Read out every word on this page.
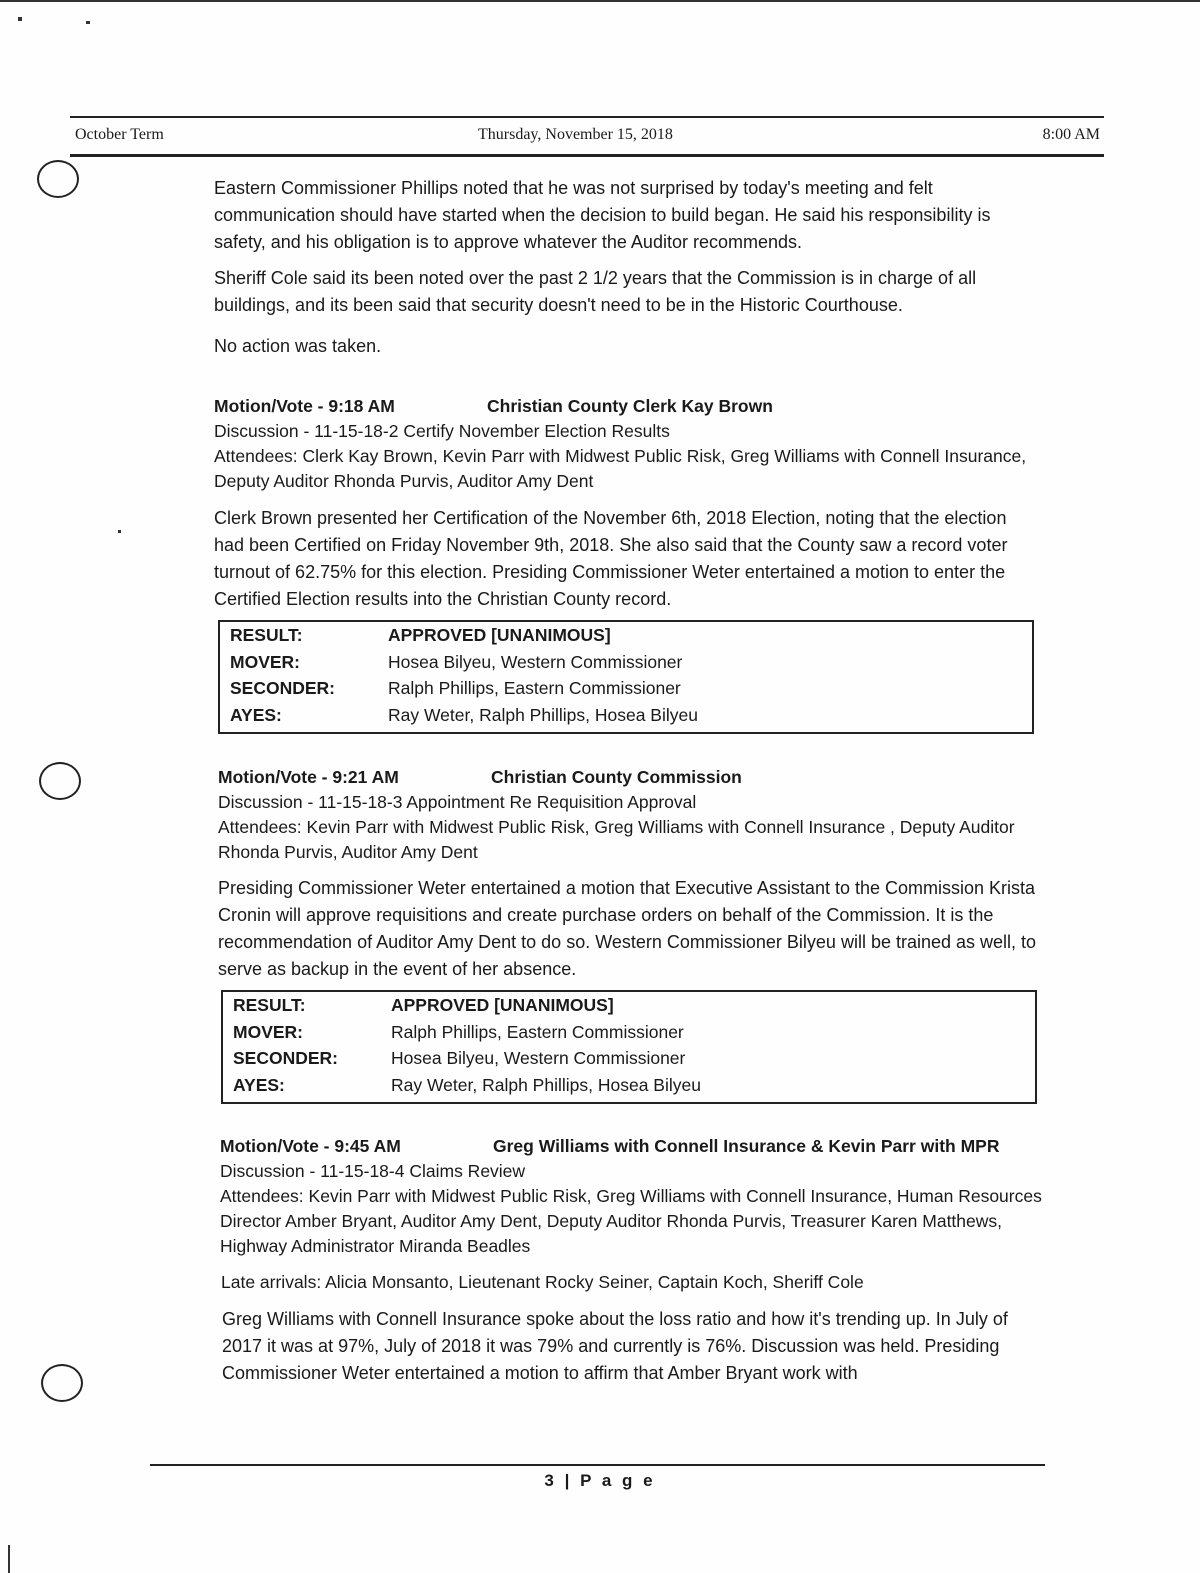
October Term	Thursday, November 15, 2018	8:00 AM

Eastern Commissioner Phillips noted that he was not surprised by today's meeting and felt communication should have started when the decision to build began. He said his responsibility is safety, and his obligation is to approve whatever the Auditor recommends.

Sheriff Cole said its been noted over the past 2 1/2 years that the Commission is in charge of all buildings, and its been said that security doesn't need to be in the Historic Courthouse.

No action was taken.

Motion/Vote - 9:18 AM	Christian County Clerk Kay Brown
Discussion - 11-15-18-2 Certify November Election Results
Attendees: Clerk Kay Brown, Kevin Parr with Midwest Public Risk, Greg Williams with Connell Insurance, Deputy Auditor Rhonda Purvis, Auditor Amy Dent

Clerk Brown presented her Certification of the November 6th, 2018 Election, noting that the election had been Certified on Friday November 9th, 2018. She also said that the County saw a record voter turnout of 62.75% for this election. Presiding Commissioner Weter entertained a motion to enter the Certified Election results into the Christian County record.

RESULT:	APPROVED [UNANIMOUS]
MOVER:	Hosea Bilyeu, Western Commissioner
SECONDER:	Ralph Phillips, Eastern Commissioner
AYES:	Ray Weter, Ralph Phillips, Hosea Bilyeu
Motion/Vote - 9:21 AM	Christian County Commission
Discussion - 11-15-18-3 Appointment Re Requisition Approval
Attendees: Kevin Parr with Midwest Public Risk, Greg Williams with Connell Insurance , Deputy Auditor Rhonda Purvis, Auditor Amy Dent

Presiding Commissioner Weter entertained a motion that Executive Assistant to the Commission Krista Cronin will approve requisitions and create purchase orders on behalf of the Commission. It is the recommendation of Auditor Amy Dent to do so. Western Commissioner Bilyeu will be trained as well, to serve as backup in the event of her absence.

RESULT:	APPROVED [UNANIMOUS]
MOVER:	Ralph Phillips, Eastern Commissioner
SECONDER:	Hosea Bilyeu, Western Commissioner
AYES:	Ray Weter, Ralph Phillips, Hosea Bilyeu
Motion/Vote - 9:45 AM	Greg Williams with Connell Insurance & Kevin Parr with MPR
Discussion - 11-15-18-4 Claims Review
Attendees: Kevin Parr with Midwest Public Risk, Greg Williams with Connell Insurance, Human Resources Director Amber Bryant, Auditor Amy Dent, Deputy Auditor Rhonda Purvis, Treasurer Karen Matthews, Highway Administrator Miranda Beadles
Late arrivals: Alicia Monsanto, Lieutenant Rocky Seiner, Captain Koch, Sheriff Cole

Greg Williams with Connell Insurance spoke about the loss ratio and how it's trending up. In July of 2017 it was at 97%, July of 2018 it was 79% and currently is 76%. Discussion was held. Presiding Commissioner Weter entertained a motion to affirm that Amber Bryant work with

3 | P a g e
